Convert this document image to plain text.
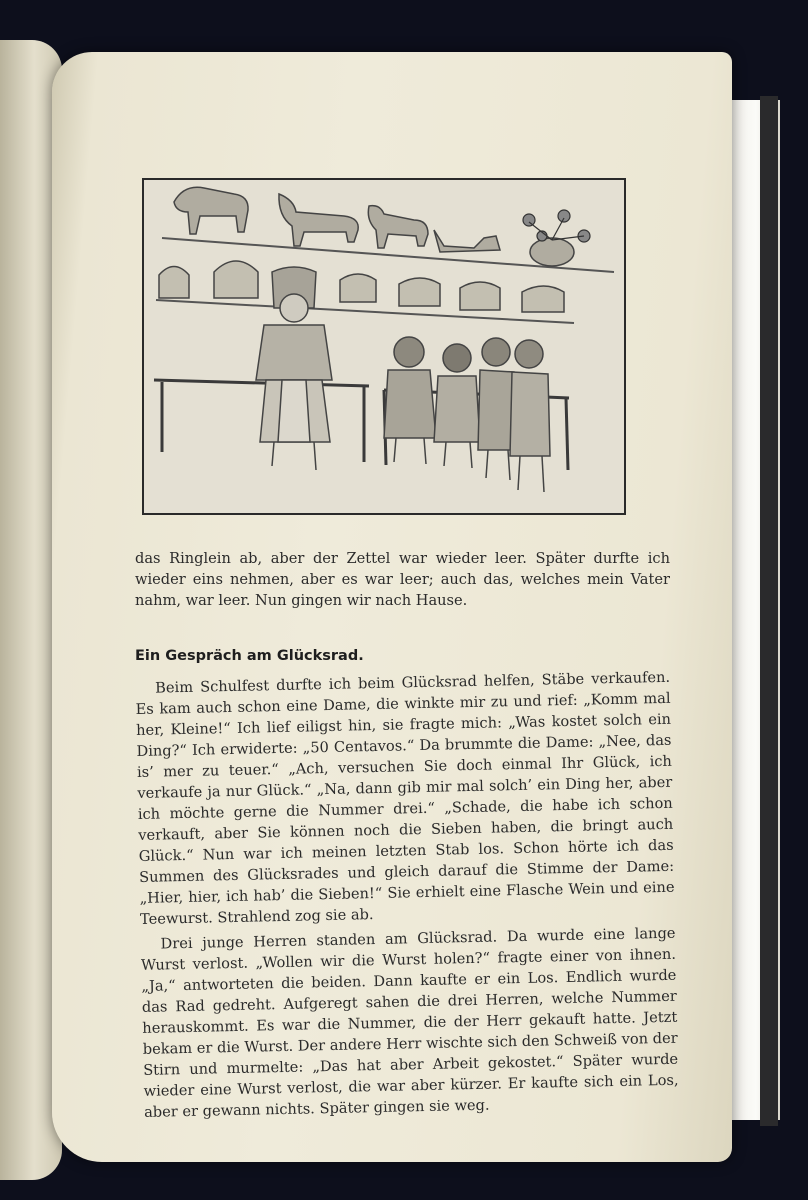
das Ringlein ab, aber der Zettel war wieder leer. Später durfte ich wieder eins nehmen, aber es war leer; auch das, welches mein Vater nahm, war leer. Nun gingen wir nach Hause.

Ein Gespräch am Glücksrad.

Beim Schulfest durfte ich beim Glücksrad helfen, Stäbe verkaufen. Es kam auch schon eine Dame, die winkte mir zu und rief: „Komm mal her, Kleine!“ Ich lief eiligst hin, sie fragte mich: „Was kostet solch ein Ding?“ Ich erwiderte: „50 Centavos.“ Da brummte die Dame: „Nee, das is’ mer zu teuer.“ „Ach, versuchen Sie doch einmal Ihr Glück, ich verkaufe ja nur Glück.“ „Na, dann gib mir mal solch’ ein Ding her, aber ich möchte gerne die Nummer drei.“ „Schade, die habe ich schon verkauft, aber Sie können noch die Sieben haben, die bringt auch Glück.“ Nun war ich meinen letzten Stab los. Schon hörte ich das Summen des Glücksrades und gleich darauf die Stimme der Dame: „Hier, hier, ich hab’ die Sieben!“ Sie erhielt eine Flasche Wein und eine Teewurst. Strahlend zog sie ab.

Drei junge Herren standen am Glücksrad. Da wurde eine lange Wurst verlost. „Wollen wir die Wurst holen?“ fragte einer von ihnen. „Ja,“ antworteten die beiden. Dann kaufte er ein Los. Endlich wurde das Rad gedreht. Aufgeregt sahen die drei Herren, welche Nummer herauskommt. Es war die Nummer, die der Herr gekauft hatte. Jetzt bekam er die Wurst. Der andere Herr wischte sich den Schweiß von der Stirn und murmelte: „Das hat aber Arbeit gekostet.“ Später wurde wieder eine Wurst verlost, die war aber kürzer. Er kaufte sich ein Los, aber er gewann nichts. Später gingen sie weg.
